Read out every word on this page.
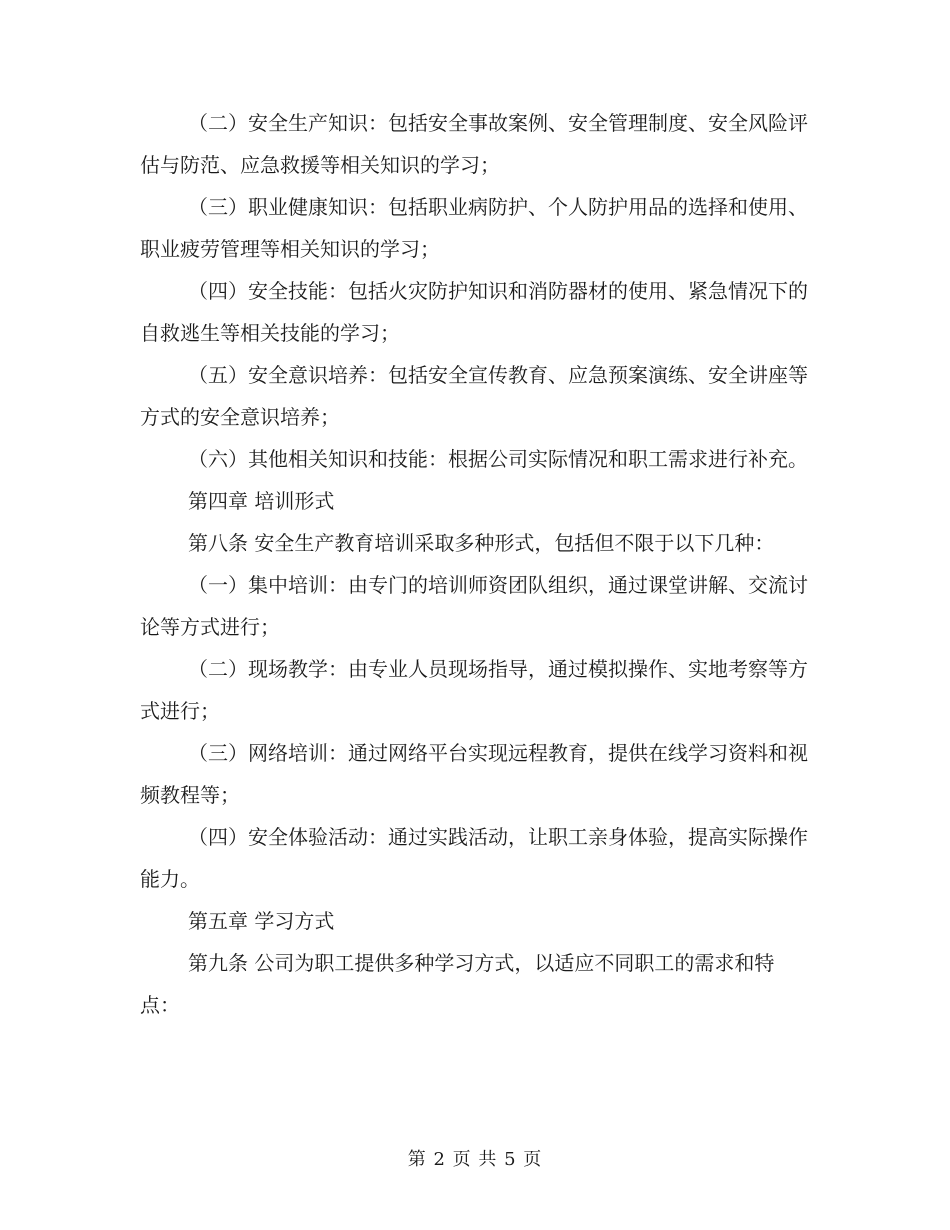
（二）安全生产知识：包括安全事故案例、安全管理制度、安全风险评估与防范、应急救援等相关知识的学习；

（三）职业健康知识：包括职业病防护、个人防护用品的选择和使用、职业疲劳管理等相关知识的学习；

（四）安全技能：包括火灾防护知识和消防器材的使用、紧急情况下的自救逃生等相关技能的学习；

（五）安全意识培养：包括安全宣传教育、应急预案演练、安全讲座等方式的安全意识培养；

（六）其他相关知识和技能：根据公司实际情况和职工需求进行补充。

第四章 培训形式

第八条 安全生产教育培训采取多种形式，包括但不限于以下几种：

（一）集中培训：由专门的培训师资团队组织，通过课堂讲解、交流讨论等方式进行；

（二）现场教学：由专业人员现场指导，通过模拟操作、实地考察等方式进行；

（三）网络培训：通过网络平台实现远程教育，提供在线学习资料和视频教程等；

（四）安全体验活动：通过实践活动，让职工亲身体验，提高实际操作能力。

第五章 学习方式

第九条 公司为职工提供多种学习方式，以适应不同职工的需求和特点：

第 2 页 共 5 页
